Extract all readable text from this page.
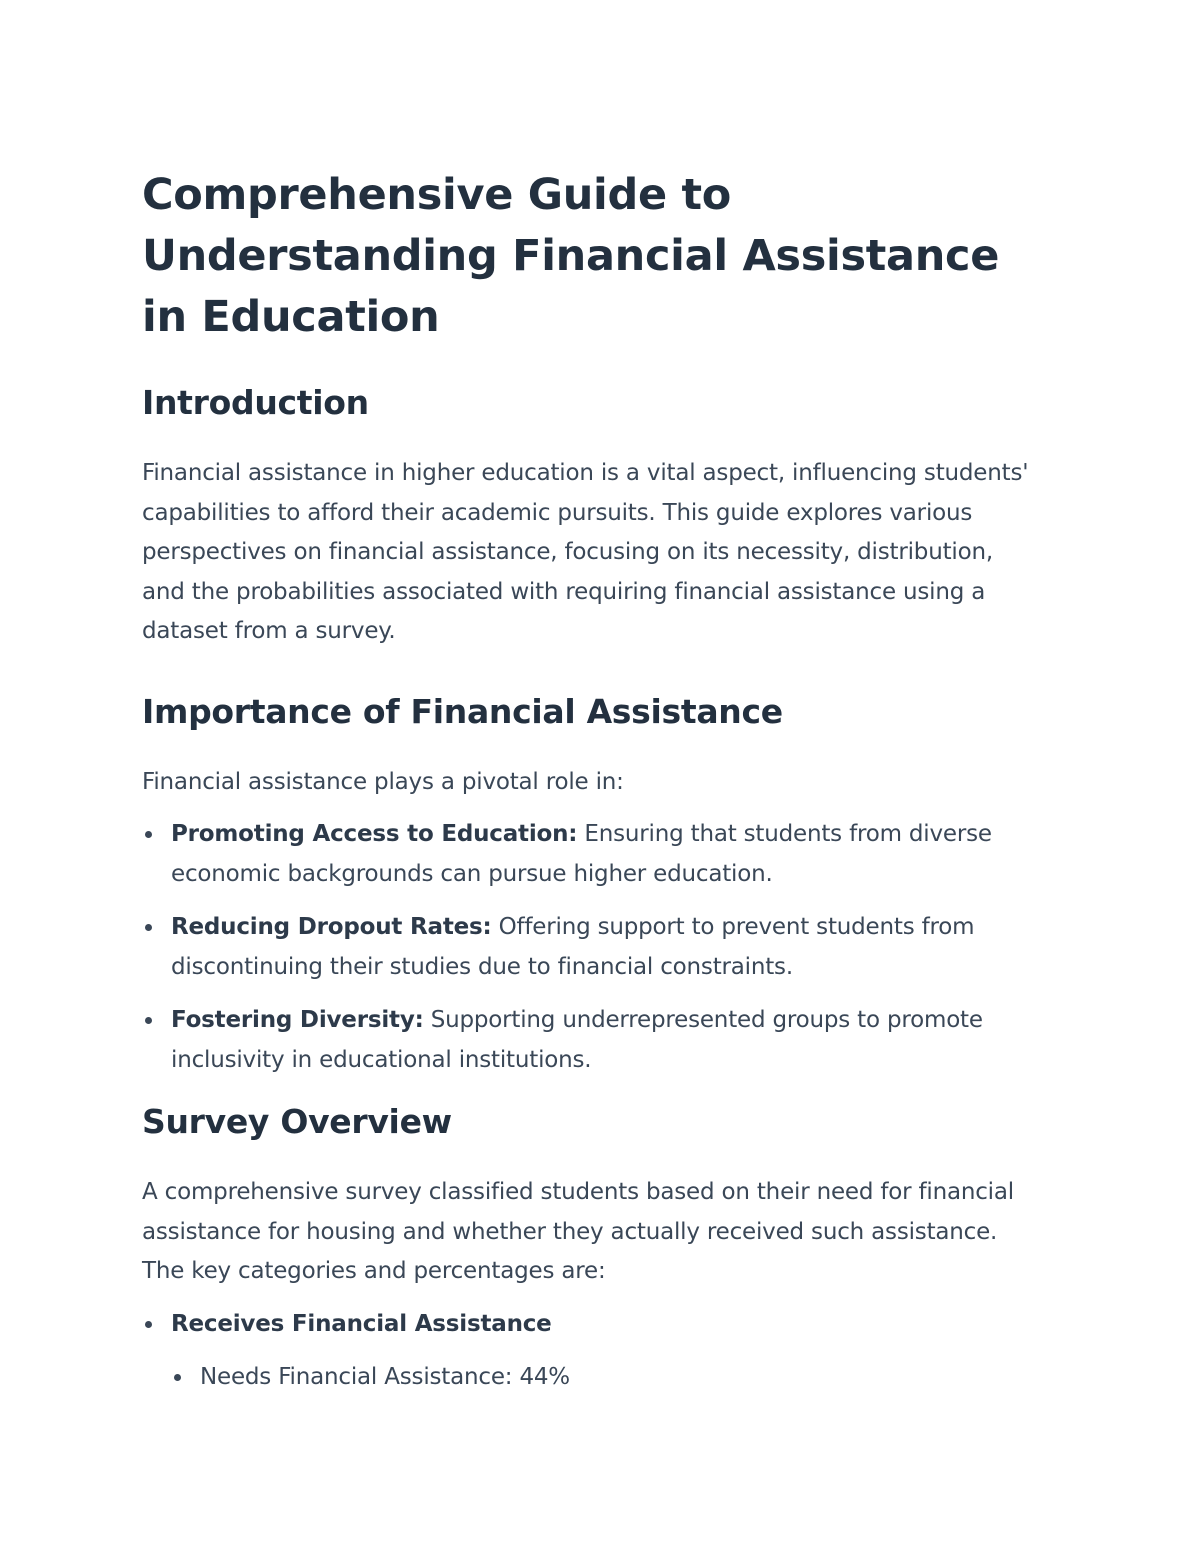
Comprehensive Guide to Understanding Financial Assistance in Education
Introduction

Financial assistance in higher education is a vital aspect, influencing students' capabilities to afford their academic pursuits. This guide explores various perspectives on financial assistance, focusing on its necessity, distribution, and the probabilities associated with requiring financial assistance using a dataset from a survey.

Importance of Financial Assistance

Financial assistance plays a pivotal role in:

Promoting Access to Education: Ensuring that students from diverse economic backgrounds can pursue higher education.
Reducing Dropout Rates: Offering support to prevent students from discontinuing their studies due to financial constraints.
Fostering Diversity: Supporting underrepresented groups to promote inclusivity in educational institutions.
Survey Overview

A comprehensive survey classified students based on their need for financial assistance for housing and whether they actually received such assistance. The key categories and percentages are:

Receives Financial Assistance
Needs Financial Assistance: 44%
